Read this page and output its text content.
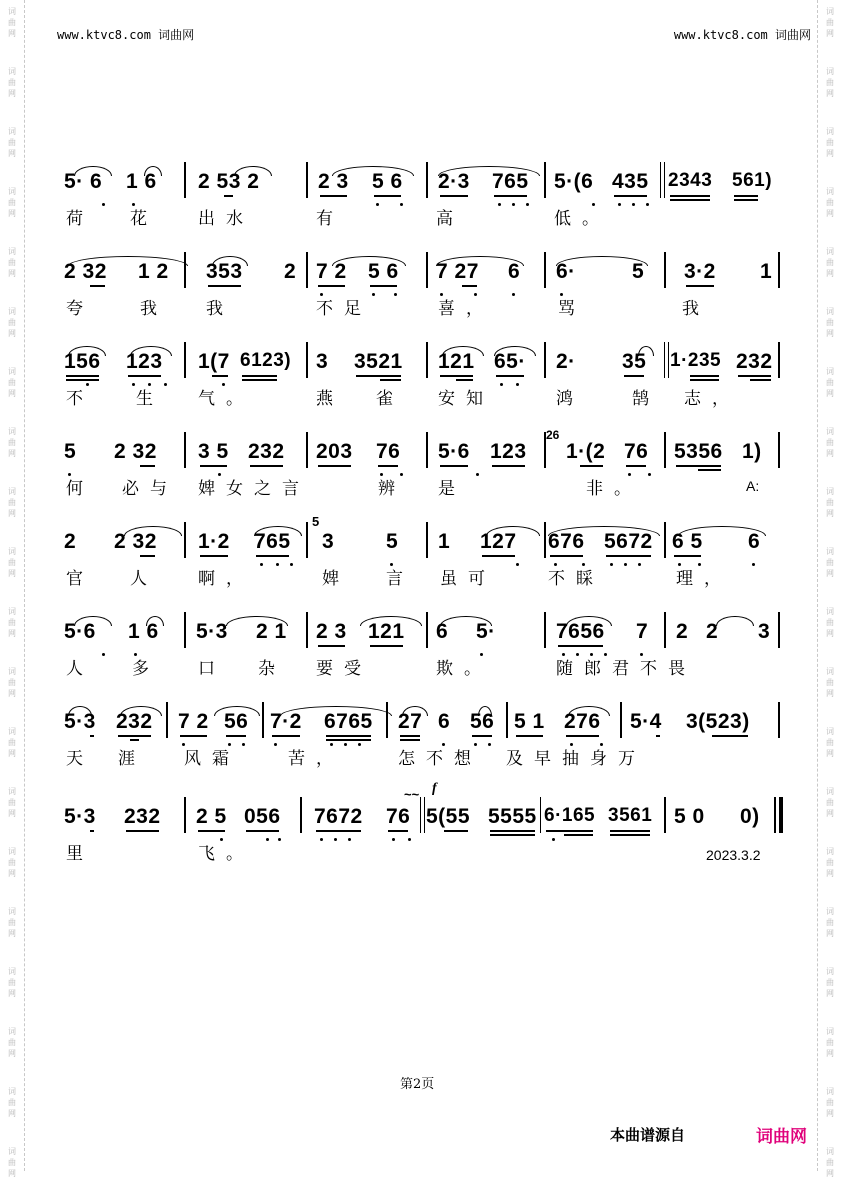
词
曲
网
词
曲
网
词
曲
网
词
曲
网
词
曲
网
词
曲
网
词
曲
网
词
曲
网
词
曲
网
词
曲
网
词
曲
网
词
曲
网
词
曲
网
词
曲
网
词
曲
网
词
曲
网
词
曲
网
词
曲
网
词
曲
网
词
曲
网
词
曲
网
词
曲
网
词
曲
网
词
曲
网
词
曲
网
词
曲
网
词
曲
网
词
曲
网
词
曲
网
词
曲
网
词
曲
网
词
曲
网
词
曲
网
词
曲
网
词
曲
网
词
曲
网
词
曲
网
词
曲
网
词
曲
网
词
曲
网
www.ktvc8.com 词曲网	www.ktvc8.com 词曲网
5· 6 1 6 2 53 2	2 3 5 6 2·3 765 5·(6 435 2343 561)
荷 花 出水	有	高	低。
2 32 1 2 353 2 7 2 5 6 7 27 6 6·	5 3·2 1
夸	我 我	不足	喜，	骂	我
156 123 1(7 6123) 3 3521 121 65· 2· 35 1·235 232
不 生 气。	燕 雀 安知	鸿	鹄 志，
5 2 32 3 5 232 203 76 5·6 123
26
1·(2 76 5356 1)
何 必与 婢女之言	辨 是	非。	A:
2 2 32 1·2 765
5
3 5 1 127 676 5672 6 5 6
官 人 啊，	婢 言 虽可	不睬	理，
5·6 1 6 5·3 2 1 2 3 121 6 5·	7656 7 2 2 3
人 多 口 杂 要受	欺。	随郎君不畏
5·3 232 7 2 56 7·2 6765 27 6 56 5 1 276 5·4 3(523)
天 涯 风霜	苦，	怎不想 及早抽身万
5·3 232 2 5 056 7672 76
~~ f
5(55 5555 6·165 3561 5 0 0)
里	飞。	2023.3.2
第2页
本曲谱源自	词曲网
